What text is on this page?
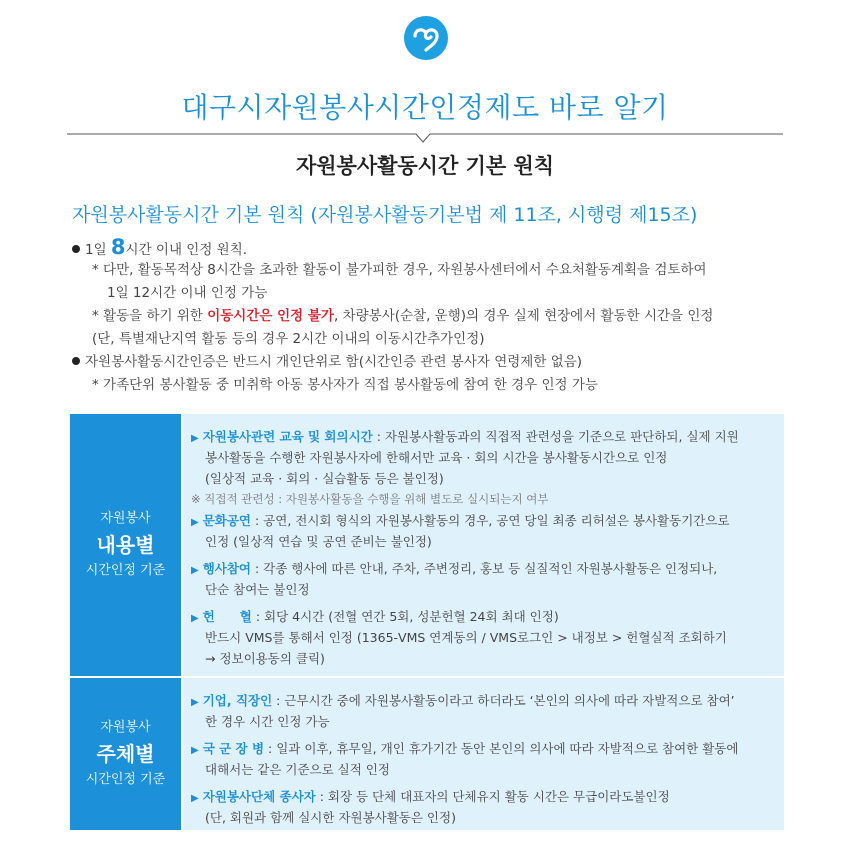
대구시자원봉사시간인정제도 바로 알기
자원봉사활동시간 기본 원칙
자원봉사활동시간 기본 원칙 (자원봉사활동기본법 제 11조, 시행령 제15조)
1일 8시간 이내 인정 원칙.
* 다만, 활동목적상 8시간을 초과한 활동이 불가피한 경우, 자원봉사센터에서 수요처활동계획을 검토하여
1일 12시간 이내 인정 가능
* 활동을 하기 위한 이동시간은 인정 불가, 차량봉사(순찰, 운행)의 경우 실제 현장에서 활동한 시간을 인정
(단, 특별재난지역 활동 등의 경우 2시간 이내의 이동시간추가인정)
자원봉사활동시간인증은 반드시 개인단위로 함(시간인증 관련 봉사자 연령제한 없음)
* 가족단위 봉사활동 중 미취학 아동 봉사자가 직접 봉사활동에 참여 한 경우 인정 가능
자원봉사
내용별
시간인정 기준
▶ 자원봉사관련 교육 및 회의시간 : 자원봉사활동과의 직접적 관련성을 기준으로 판단하되, 실제 지원
봉사활동을 수행한 자원봉사자에 한해서만 교육 · 회의 시간을 봉사활동시간으로 인정
(일상적 교육 · 회의 · 실습활동 등은 불인정)
※ 직접적 관련성 : 자원봉사활동을 수행을 위해 별도로 실시되는지 여부
▶ 문화공연 : 공연, 전시회 형식의 자원봉사활동의 경우, 공연 당일 최종 리허설은 봉사활동기간으로
인정 (일상적 연습 및 공연 준비는 불인정)
▶ 행사참여 : 각종 행사에 따른 안내, 주차, 주변정리, 홍보 등 실질적인 자원봉사활동은 인정되나,
단순 참여는 불인정
▶ 헌　　혈 : 회당 4시간 (전혈 연간 5회, 성분헌혈 24회 최대 인정)
반드시 VMS를 통해서 인정 (1365-VMS 연계동의 / VMS로그인 > 내정보 > 헌혈실적 조회하기
→ 정보이용동의 클릭)
자원봉사
주체별
시간인정 기준
▶ 기업, 직장인 : 근무시간 중에 자원봉사활동이라고 하더라도 ‘본인의 의사에 따라 자발적으로 참여’
한 경우 시간 인정 가능
▶ 국 군 장 병 : 일과 이후, 휴무일, 개인 휴가기간 동안 본인의 의사에 따라 자발적으로 참여한 활동에
대해서는 같은 기준으로 실적 인정
▶ 자원봉사단체 종사자 : 회장 등 단체 대표자의 단체유지 활동 시간은 무급이라도불인정
(단, 회원과 함께 실시한 자원봉사활동은 인정)
